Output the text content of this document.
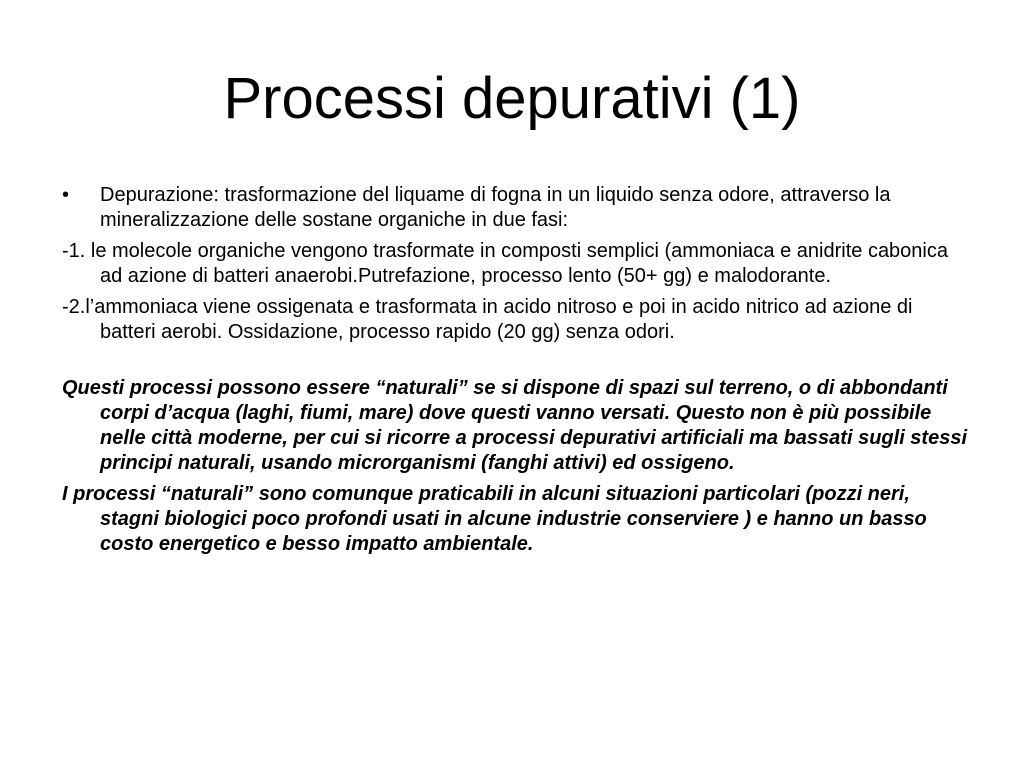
Processi depurativi (1)

•	Depurazione: trasformazione del liquame di fogna in un liquido senza odore, attraverso la mineralizzazione delle sostane organiche in due fasi:

-1. le molecole organiche vengono trasformate in composti semplici (ammoniaca e anidrite cabonica ad azione di batteri anaerobi.Putrefazione, processo lento (50+ gg) e malodorante.

-2.l’ammoniaca viene ossigenata e trasformata in acido nitroso e poi in acido nitrico ad azione di batteri aerobi. Ossidazione, processo rapido (20 gg) senza odori.

Questi processi possono essere “naturali” se si dispone di spazi sul terreno, o di abbondanti corpi d’acqua (laghi, fiumi, mare) dove questi vanno versati. Questo non è più possibile nelle città moderne, per cui si ricorre a processi depurativi artificiali ma bassati sugli stessi principi naturali, usando microrganismi (fanghi attivi) ed ossigeno.

I processi “naturali” sono comunque praticabili in alcuni situazioni particolari (pozzi neri, stagni biologici poco profondi usati in alcune industrie conserviere ) e hanno un basso costo energetico e besso impatto ambientale.
